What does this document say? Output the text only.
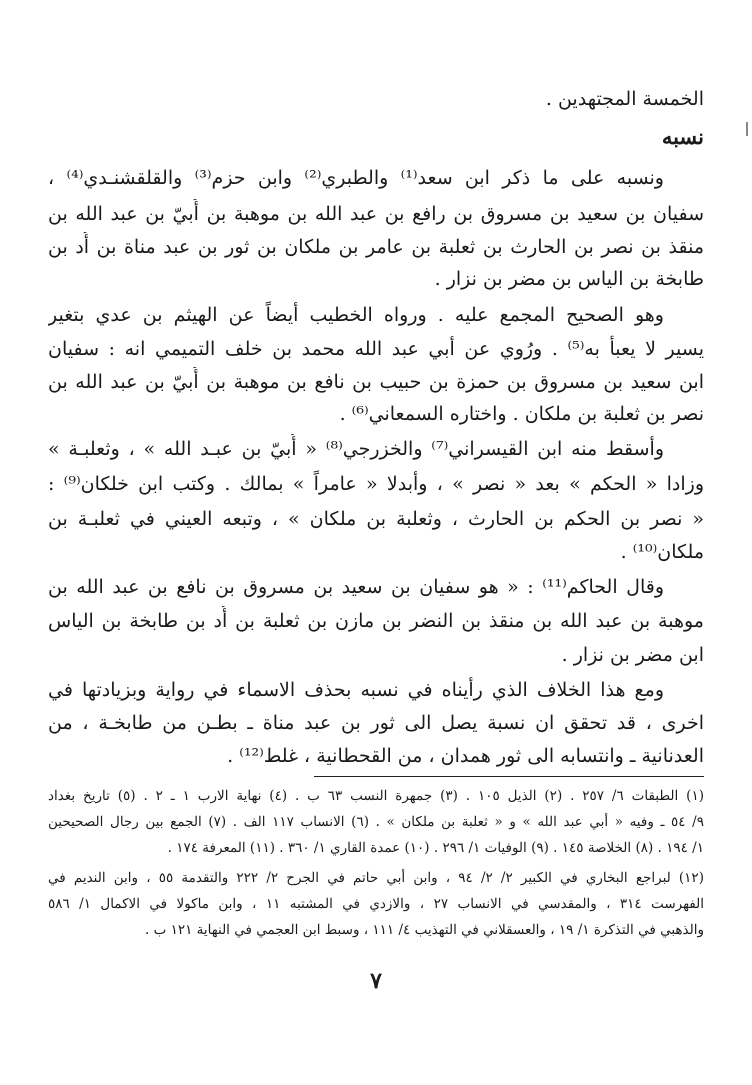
الخمسة المجتهدين .
نسبه
ونسبه على ما ذكر ابن سعد⁽¹⁾ والطبري⁽²⁾ وابن حزم⁽³⁾ والقلقشنـدي⁽⁴⁾ ،
سفيان بن سعيد بن مسروق بن رافع بن عبد الله بن موهبة بن أُبيّ بن عبد الله بن
منقذ بن نصر بن الحارث بن ثعلبة بن عامر بن ملكان بن ثور بن عبد مناة بن أُد بن
طابخة بن الياس بن مضر بن نزار .
وهو الصحيح المجمع عليه . ورواه الخطيب أيضاً عن الهيثم بن عدي بتغير
يسير لا يعبأ به⁽⁵⁾ . ورُوي عن أبي عبد الله محمد بن خلف التميمي انه : سفيان
ابن سعيد بن مسروق بن حمزة بن حبيب بن نافع بن موهبة بن أُبيّ بن عبد الله بن
نصر بن ثعلبة بن ملكان . واختاره السمعاني⁽⁶⁾ .
وأسقط منه ابن القيسراني⁽⁷⁾ والخزرجي⁽⁸⁾ « أُبيّ بن عبـد الله » ، وثعلبـة »
وزادا « الحكم » بعد « نصر » ، وأبدلا « عامراً » بمالك . وكتب ابن خلكان⁽⁹⁾ :
« نصر بن الحكم بن الحارث ، وثعلبة بن ملكان » ، وتبعه العيني في ثعلبـة بن
ملكان⁽¹⁰⁾ .
وقال الحاكم⁽¹¹⁾ : « هو سفيان بن سعيد بن مسروق بن نافع بن عبد الله بن
موهبة بن عبد الله بن منقذ بن النضر بن مازن بن ثعلبة بن أُد بن طابخة بن الياس
ابن مضر بن نزار .
ومع هذا الخلاف الذي رأيناه في نسبه بحذف الاسماء في رواية وبزيادتها في
اخرى ، قد تحقق ان نسبة يصل الى ثور بن عبد مناة ـ بطـن من طابخـة ، من
العدنانية ـ وانتسابه الى ثور همدان ، من القحطانية ، غلط⁽¹²⁾ .
(١) الطبقات ٦/ ٢٥٧ . (٢) الذيل ١٠٥ . (٣) جمهرة النسب ٦٣ ب . (٤) نهاية الارب ١ ـ ٢ . (٥) تاريخ بغداد
٩/ ٥٤ ـ وفيه « أبي عبد الله » و « ثعلبة بن ملكان » . (٦) الانساب ١١٧ الف . (٧) الجمع بين رجال الصحيحين
١/ ١٩٤ . (٨) الخلاصة ١٤٥ . (٩) الوفيات ١/ ٢٩٦ . (١٠) عمدة القاري ١/ ٣٦٠ . (١١) المعرفة ١٧٤ .
(١٢) لبراجع البخاري في الكبير ٢/ ٢/ ٩٤ ، وابن أبي حاتم في الجرح ٢/ ٢٢٢ والتقدمة ٥٥ ، وابن النديم في
الفهرست ٣١٤ ، والمقدسي في الانساب ٢٧ ، والازدي في المشتبه ١١ ، وابن ماكولا في الاكمال ١/ ٥٨٦
والذهبي في التذكرة ١/ ١٩ ، والعسقلاني في التهذيب ٤/ ١١١ ، وسبط ابن العجمي في النهاية ١٢١ ب .
٧
